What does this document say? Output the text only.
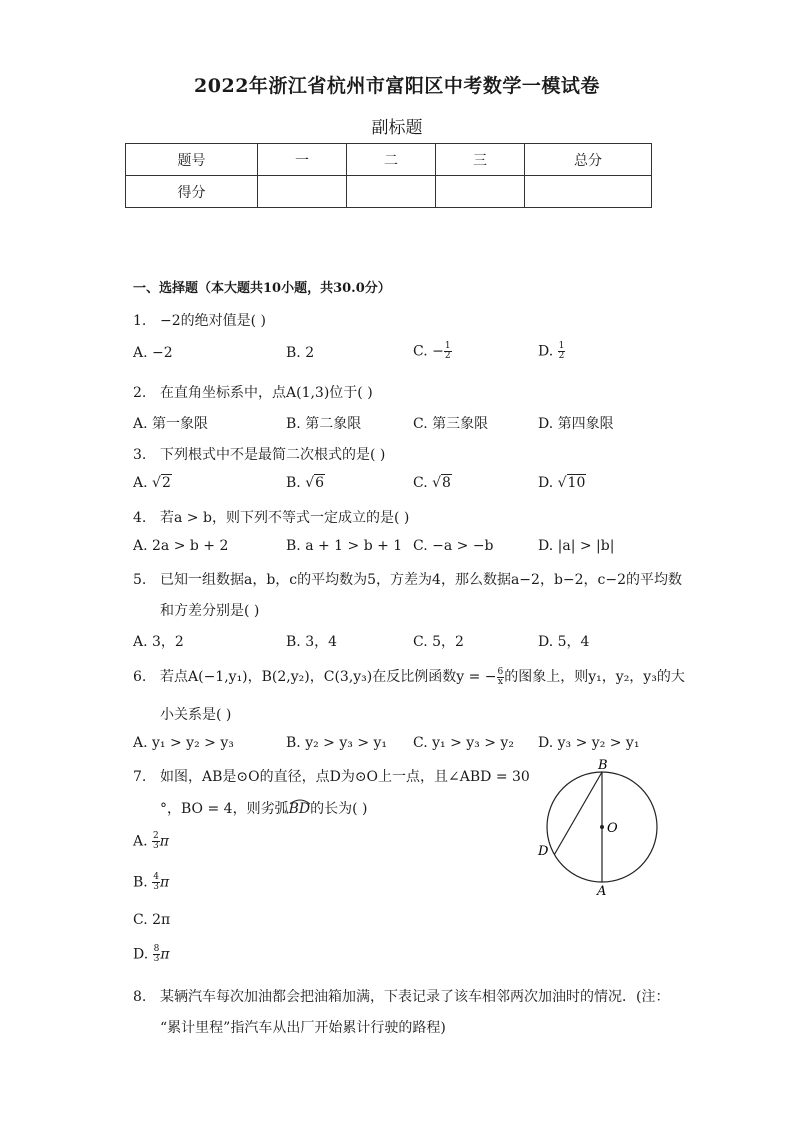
2022年浙江省杭州市富阳区中考数学一模试卷
副标题
题号	一	二	三	总分
得分				
一、选择题（本大题共10小题，共30.0分）
1. −2的绝对值是( )
A. −2	B. 2	C. − $\frac{1}{2}$	D. $\frac{1}{2}$
2. 在直角坐标系中，点A(1,3)位于( )
A. 第一象限	B. 第二象限	C. 第三象限	D. 第四象限
3. 下列根式中不是最简二次根式的是( )
A. √2	B. √6	C. √8	D. √10
4. 若a > b，则下列不等式一定成立的是( )
A. 2a > b + 2	B. a + 1 > b + 1 C. −a > −b	D. |a| > |b|
5. 已知一组数据a，b，c的平均数为5，方差为4，那么数据a−2，b−2，c−2的平均数
和方差分别是( )
A. 3，2	B. 3，4	C. 5，2	D. 5，4
6. 若点A(−1,y₁)，B(2,y₂)，C(3,y₃)在反比例函数y = − $\frac{6}{x}$ 的图象上，则y₁，y₂，y₃的大
小关系是( )
A. y₁ > y₂ > y₃	B. y₂ > y₃ > y₁ C. y₁ > y₃ > y₂ D. y₃ > y₂ > y₁
7. 如图，AB是⊙O的直径，点D为⊙O上一点，且∠ABD = 30
°，BO = 4，则劣弧
BD的长为( )
A. $\frac{2}{3}$ π
B. $\frac{4}{3}$ π
C. 2π
D. $\frac{8}{3}$ π
B
O
D
A
8. 某辆汽车每次加油都会把油箱加满，下表记录了该车相邻两次加油时的情况．(注：
“累计里程”指汽车从出厂开始累计行驶的路程)
